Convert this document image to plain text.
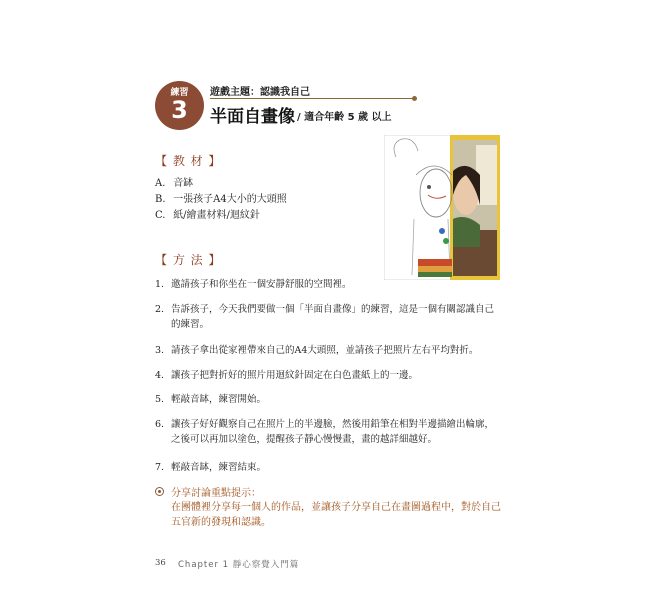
練習
3
遊戲主題：認識我自己
半面自畫像 / 適合年齡 5 歲 以上
【 教 材 】
A. 音缽
B. 一張孩子A4大小的大頭照
C. 紙/繪畫材料/迴紋針
【 方 法 】
1. 邀請孩子和你坐在一個安靜舒服的空間裡。
2. 告訴孩子，今天我們要做一個「半面自畫像」的練習，這是一個有關認識自己的練習。
3. 請孩子拿出從家裡帶來自己的A4大頭照，並請孩子把照片左右平均對折。
4. 讓孩子把對折好的照片用迴紋針固定在白色畫紙上的一邊。
5. 輕敲音缽，練習開始。
6. 讓孩子好好觀察自己在照片上的半邊臉，然後用鉛筆在相對半邊描繪出輪廓，之後可以再加以塗色，提醒孩子靜心慢慢畫，畫的越詳細越好。
7. 輕敲音缽，練習結束。
分享討論重點提示：
在團體裡分享每一個人的作品，並讓孩子分享自己在畫圖過程中，對於自己五官新的發現和認識。
36 Chapter 1 靜心察覺入門篇
